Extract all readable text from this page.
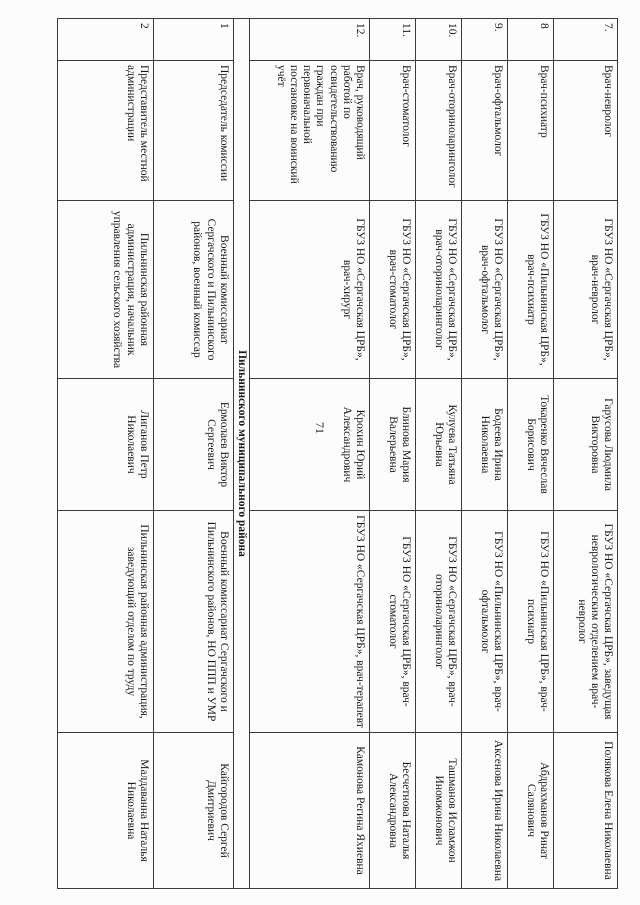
71
7.	Врач-невролог	ГБУЗ НО «Сергачская ЦРБ», врач-невролог	Гарусова Людмила Викторовна	ГБУЗ НО «Сергачская ЦРБ», заведущая неврологическим отделением врач-невролог	Полякова Елена Николаевна
8	Врач-психиатр	ГБУЗ НО «Пильнинская ЦРБ», врач-психиатр	Токаренко Вячеслав Борисович	ГБУЗ НО «Пильнинская ЦРБ», врач-психиатр	Абдрахманов Ринат Салянович
9.	Врач-офтальмолог	ГБУЗ НО «Сергачская ЦРБ», врач-офтальмолог	Бодеева Ирина Николаевна	ГБУЗ НО «Пильнинская ЦРБ», врач-офтальмолог	Аксенова Ирина Николаевна
10.	Врач-оториноларинголог	ГБУЗ НО «Сергачская ЦРБ», врач-оториноларинголог	Кулуева Татьяна Юрьевна	ГБУЗ НО «Сергачская ЦРБ», врач-оториноларинголог	Ташманов Исламжон Иномжонович
11.	Врач-стоматолог	ГБУЗ НО «Сергачская ЦРБ», врач-стоматолог	Блинова Мария Валерьевна	ГБУЗ НО «Сергачская ЦРБ», врач-стоматолог	Бесчетнова Наталья Александровна
12.	Врач, руководящий работой по освидетельствованию граждан при первоначальной постановке на воинский учёт	ГБУЗ НО «Сергачская ЦРБ», врач-хирург	Крохин Юрий Александрович	ГБУЗ НО «Сергачская ЦРБ», врач-терапевт	Камонова Регина Яхиевна
Пильнинского муниципального района					
1	Председатель комиссии	Военный комиссариат Сергачского и Пильнинского районов, военный комиссар	Ермолаев Виктор Сергеевич	Военный комиссариат Сергачского и Пильнинского районов, НО ППП и УМР	Кайгородов Сергей Дмитриевич
2	Представитель местной администрации	Пильнинская районная администрация, начальник управления сельского хозяйства	Лиганов Петр Николаевич	Пильнинская районная администрация, заведующий отделом по труду	Малдаванна Наталья Николаевна
